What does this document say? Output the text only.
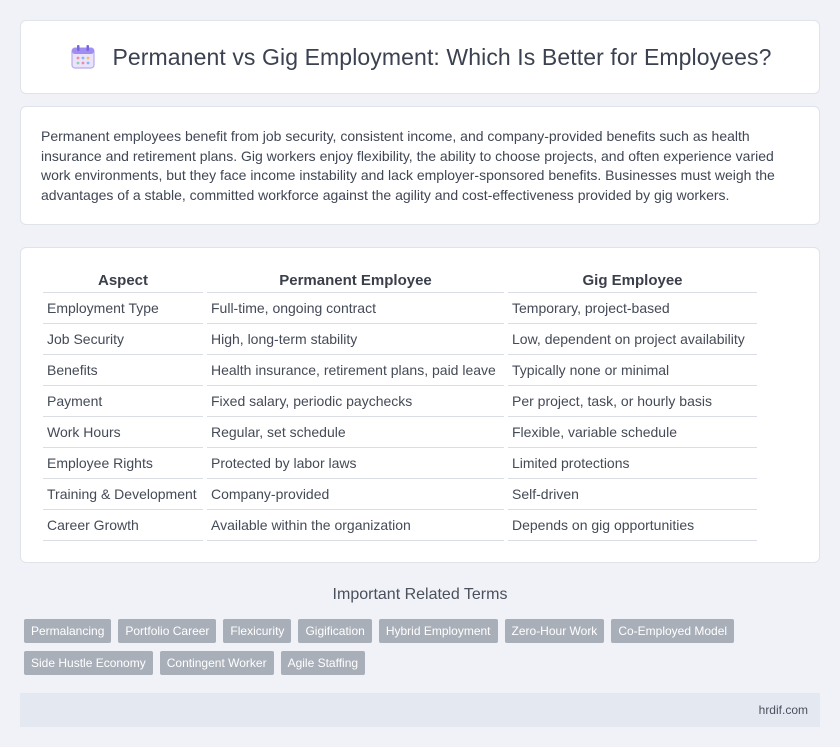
Permanent vs Gig Employment: Which Is Better for Employees?

Permanent employees benefit from job security, consistent income, and company-provided benefits such as health insurance and retirement plans. Gig workers enjoy flexibility, the ability to choose projects, and often experience varied work environments, but they face income instability and lack employer-sponsored benefits. Businesses must weigh the advantages of a stable, committed workforce against the agility and cost-effectiveness provided by gig workers.

Aspect	Permanent Employee	Gig Employee
Employment Type	Full-time, ongoing contract	Temporary, project-based
Job Security	High, long-term stability	Low, dependent on project availability
Benefits	Health insurance, retirement plans, paid leave	Typically none or minimal
Payment	Fixed salary, periodic paychecks	Per project, task, or hourly basis
Work Hours	Regular, set schedule	Flexible, variable schedule
Employee Rights	Protected by labor laws	Limited protections
Training & Development	Company-provided	Self-driven
Career Growth	Available within the organization	Depends on gig opportunities
Important Related Terms
Permalancing	Portfolio Career	Flexicurity	Gigification	Hybrid Employment	Zero-Hour Work	Co-Employed Model
Side Hustle Economy	Contingent Worker	Agile Staffing
hrdif.com
